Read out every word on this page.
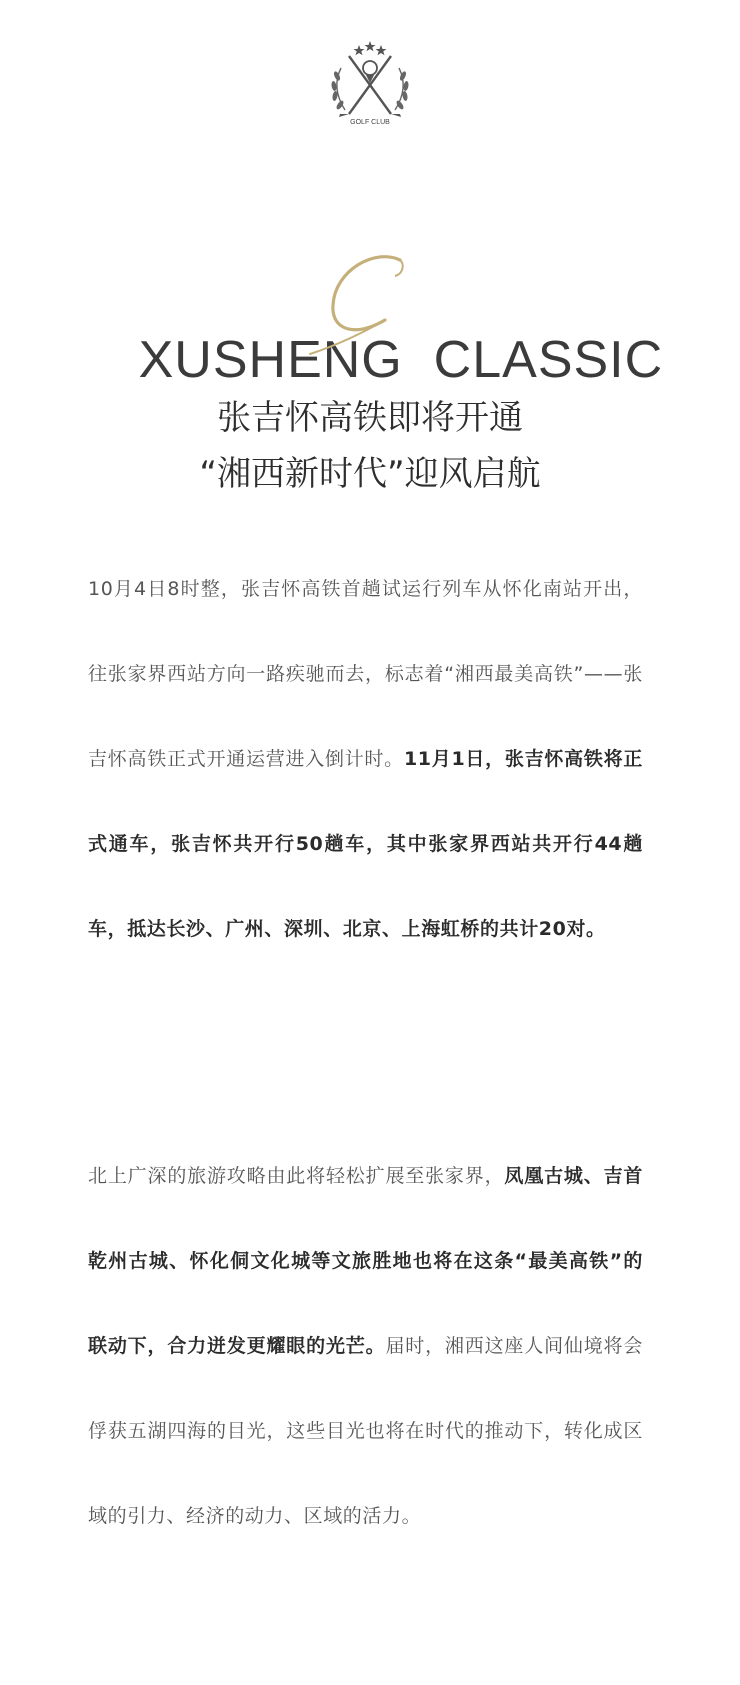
GOLF CLUB

XUSHENG CLASSIC

张吉怀高铁即将开通
“湘西新时代”迎风启航
10月4日8时整，张吉怀高铁首趟试运行列车从怀化南站开出，往张家界西站方向一路疾驰而去，标志着“湘西最美高铁”——张吉怀高铁正式开通运营进入倒计时。11月1日，张吉怀高铁将正式通车，张吉怀共开行50趟车，其中张家界西站共开行44趟车，抵达长沙、广州、深圳、北京、上海虹桥的共计20对。
北上广深的旅游攻略由此将轻松扩展至张家界，凤凰古城、吉首乾州古城、怀化侗文化城等文旅胜地也将在这条“最美高铁”的联动下，合力迸发更耀眼的光芒。届时，湘西这座人间仙境将会俘获五湖四海的目光，这些目光也将在时代的推动下，转化成区域的引力、经济的动力、区域的活力。
